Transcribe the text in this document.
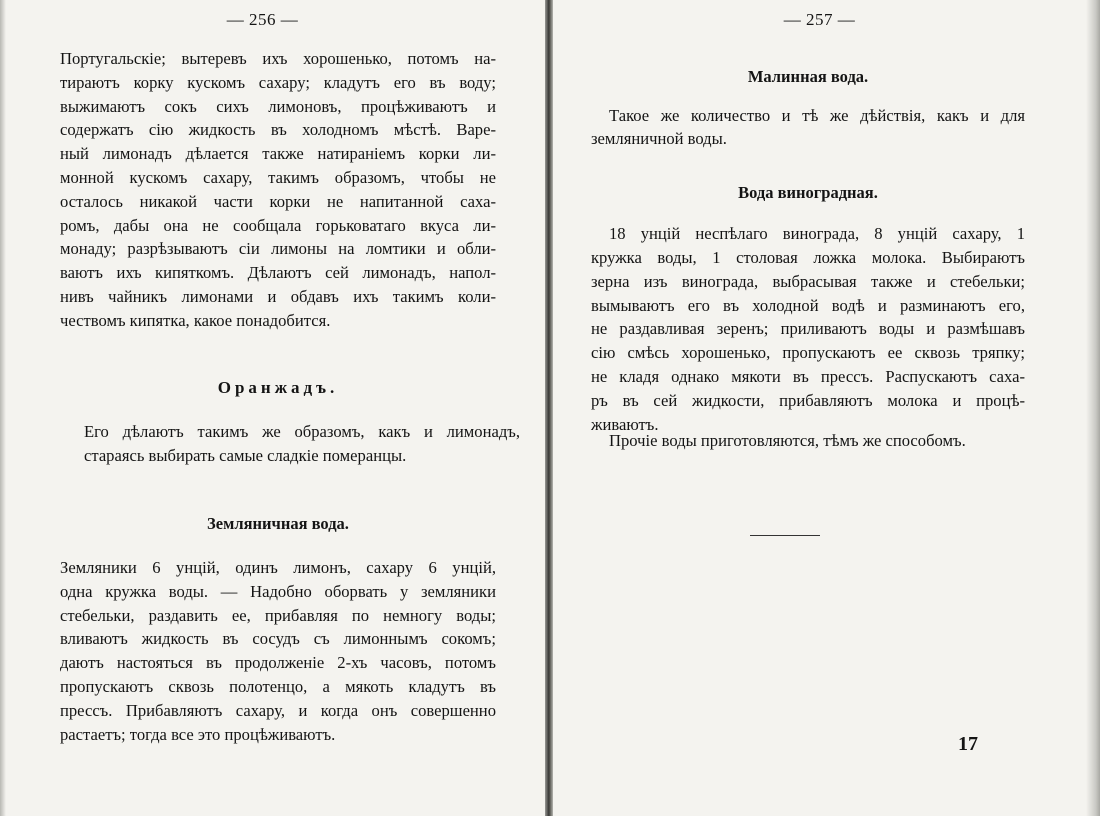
— 256 —
Португальскіе; вытеревъ ихъ хорошенько, потомъ на-
тираютъ корку кускомъ сахару; кладутъ его въ воду;
выжимаютъ сокъ сихъ лимоновъ, процѣживаютъ и
содержатъ сію жидкость въ холодномъ мѣстѣ. Варе-
ный лимонадъ дѣлается также натираніемъ корки ли-
монной кускомъ сахару, такимъ образомъ, чтобы не
осталось никакой части корки не напитанной саха-
ромъ, дабы она не сообщала горьковатаго вкуса ли-
монаду; разрѣзываютъ сіи лимоны на ломтики и обли-
ваютъ ихъ кипяткомъ. Дѣлаютъ сей лимонадъ, напол-
нивъ чайникъ лимонами и обдавъ ихъ такимъ коли-
чествомъ кипятка, какое понадобится.
Оранжадъ.
Его дѣлаютъ такимъ же образомъ, какъ и лимонадъ,
стараясь выбирать самые сладкіе померанцы.
Земляничная вода.
Земляники 6 унцій, одинъ лимонъ, сахару 6 унцій,
одна кружка воды. — Надобно оборвать у земляники
стебельки, раздавить ее, прибавляя по немногу воды;
вливаютъ жидкость въ сосудъ съ лимоннымъ сокомъ;
даютъ настояться въ продолженіе 2-хъ часовъ, потомъ
пропускаютъ сквозь полотенцо, а мякоть кладутъ въ
прессъ. Прибавляютъ сахару, и когда онъ совершенно
растаетъ; тогда все это процѣживаютъ.
— 257 —
Малинная вода.
Такое же количество и тѣ же дѣйствія, какъ и для
земляничной воды.
Вода виноградная.
18 унцій неспѣлаго винограда, 8 унцій сахару, 1
кружка воды, 1 столовая ложка молока. Выбираютъ
зерна изъ винограда, выбрасывая также и стебельки;
вымываютъ его въ холодной водѣ и разминаютъ его,
не раздавливая зеренъ; приливаютъ воды и размѣшавъ
сію смѣсь хорошенько, пропускаютъ ее сквозь тряпку;
не кладя однако мякоти въ прессъ. Распускаютъ саха-
ръ въ сей жидкости, прибавляютъ молока и процѣ-
живаютъ.
Прочіе воды приготовляются, тѣмъ же способомъ.
17
